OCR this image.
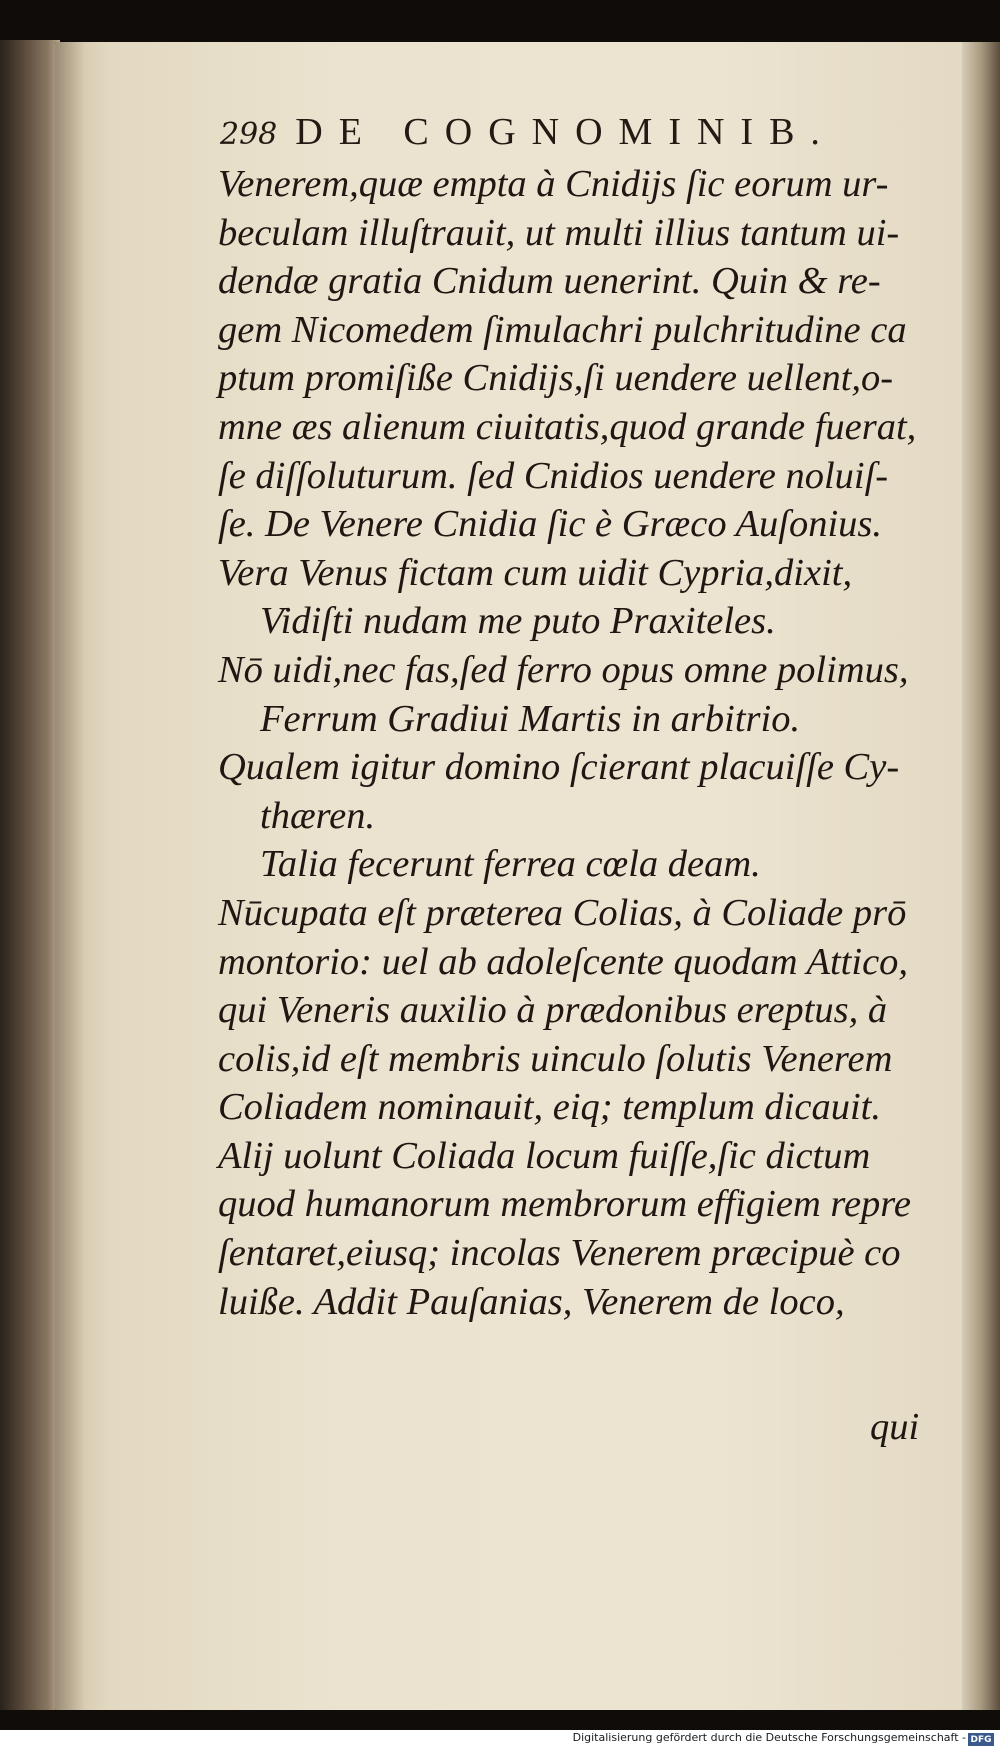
298 DE COGNOMINIB.
Venerem,quæ empta à Cnidijs ſic eorum ur-
beculam illuſtrauit, ut multi illius tantum ui-
dendæ gratia Cnidum uenerint. Quin & re-
gem Nicomedem ſimulachri pulchritudine ca
ptum promiſiße Cnidijs,ſi uendere uellent,o-
mne æs alienum ciuitatis,quod grande fuerat,
ſe diſſoluturum. ſed Cnidios uendere noluiſ-
ſe. De Venere Cnidia ſic è Græco Auſonius.
Vera Venus fictam cum uidit Cypria,dixit,
Vidiſti nudam me puto Praxiteles.
Nō uidi,nec fas,ſed ferro opus omne polimus,
Ferrum Gradiui Martis in arbitrio.
Qualem igitur domino ſcierant placuiſſe Cy-
thæren.
Talia fecerunt ferrea cœla deam.
Nūcupata eſt præterea Colias, à Coliade prō
montorio: uel ab adoleſcente quodam Attico,
qui Veneris auxilio à prædonibus ereptus, à
colis,id eſt membris uinculo ſolutis Venerem
Coliadem nominauit, eiq; templum dicauit.
Alij uolunt Coliada locum fuiſſe,ſic dictum
quod humanorum membrorum effigiem repre
ſentaret,eiusq; incolas Venerem præcipuè co
luiße. Addit Pauſanias, Venerem de loco,
qui
Digitalisierung gefördert durch die Deutsche Forschungsgemeinschaft - DFG
